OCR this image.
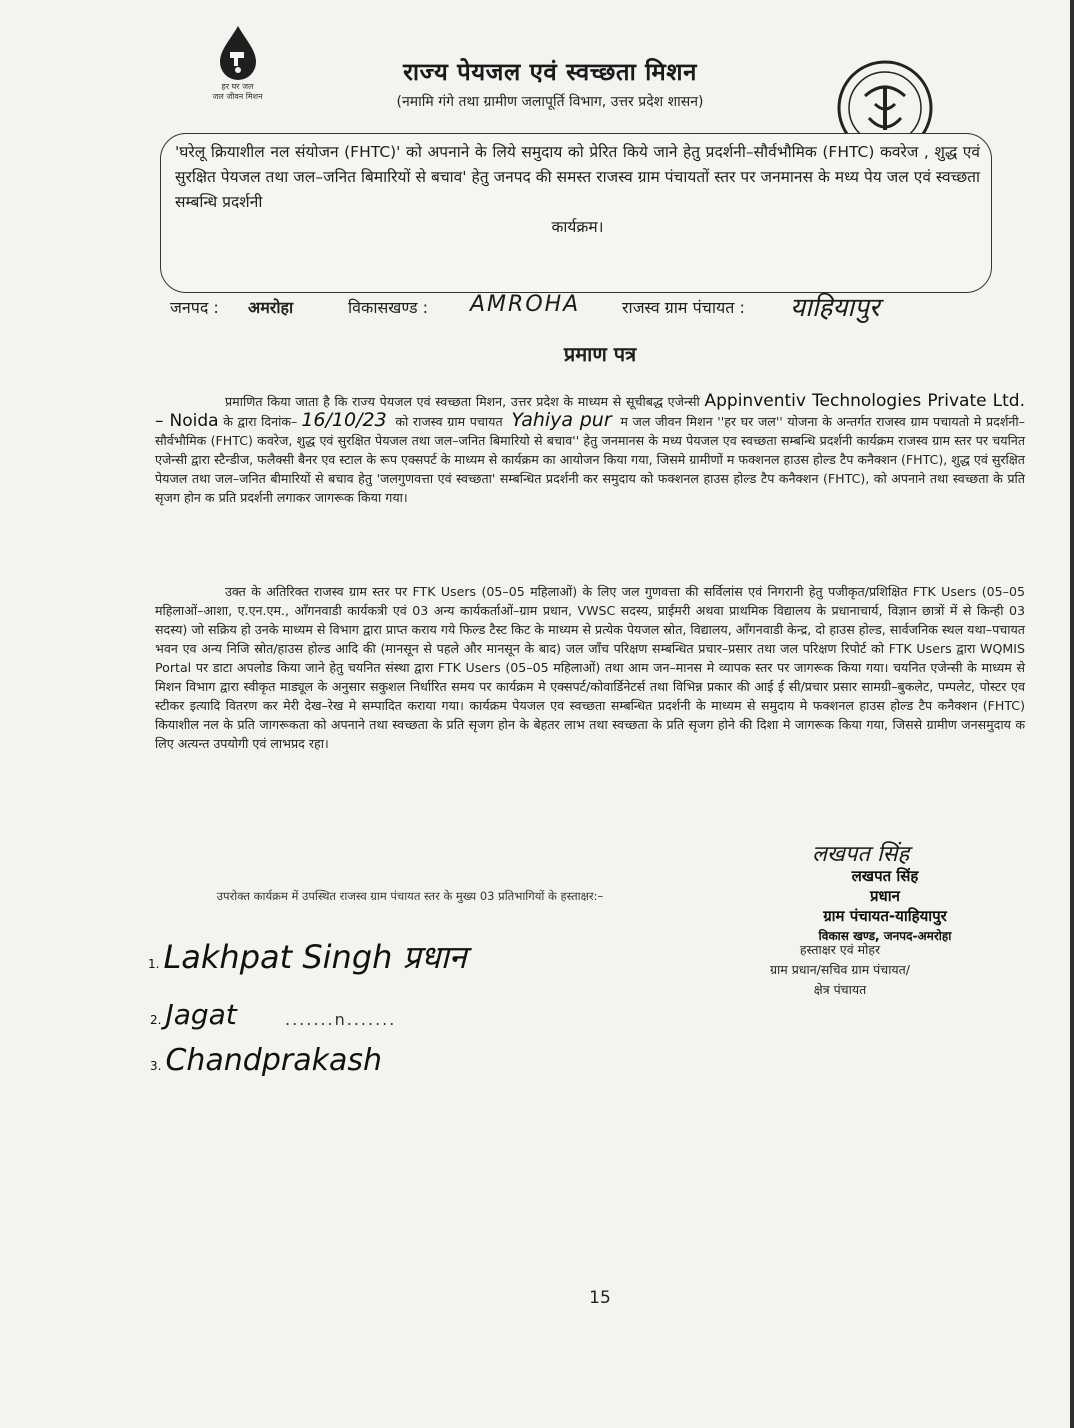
हर घर जल
जल जीवन मिशन
राज्य पेयजल एवं स्वच्छता मिशन
(नमामि गंगे तथा ग्रामीण जलापूर्ति विभाग, उत्तर प्रदेश शासन)
'घरेलू क्रियाशील नल संयोजन (FHTC)' को अपनाने के लिये समुदाय को प्रेरित किये जाने हेतु प्रदर्शनी–सौर्वभौमिक (FHTC) कवरेज , शुद्ध एवं सुरक्षित पेयजल तथा जल–जनित बिमारियों से बचाव' हेतु जनपद की समस्त राजस्व ग्राम पंचायतों स्तर पर जनमानस के मध्य पेय जल एवं स्वच्छता सम्बन्धि प्रदर्शनी
कार्यक्रम।
जनपद : अमरोहा	विकासखण्ड : AMROHA	राजस्व ग्राम पंचायत : याहियापुर
प्रमाण पत्र
प्रमाणित किया जाता है कि राज्य पेयजल एवं स्वच्छता मिशन, उत्तर प्रदेश के माध्यम से सूचीबद्ध एजेन्सी Appinventiv Technologies Private Ltd. – Noida के द्वारा दिनांक– 16/10/23 को राजस्व ग्राम पचायत Yahiya pur म जल जीवन मिशन ''हर घर जल'' योजना के अन्तर्गत राजस्व ग्राम पचायतो मे प्रदर्शनी–सौर्वभौमिक (FHTC) कवरेज, शुद्ध एवं सुरक्षित पेयजल तथा जल–जनित बिमारियो से बचाव'' हेतु जनमानस के मध्य पेयजल एव स्वच्छता सम्बन्धि प्रदर्शनी कार्यक्रम राजस्व ग्राम स्तर पर चयनित एजेन्सी द्वारा स्टैन्डीज, फलैक्सी बैनर एव स्टाल के रूप एक्सपर्ट के माध्यम से कार्यक्रम का आयोजन किया गया, जिसमे ग्रामीणों म फक्शनल हाउस होल्ड टैप कनैक्शन (FHTC), शुद्ध एवं सुरक्षित पेयजल तथा जल–जनित बीमारियों से बचाव हेतु 'जलगुणवत्ता एवं स्वच्छता' सम्बन्धित प्रदर्शनी कर समुदाय को फक्शनल हाउस होल्ड टैप कनैक्शन (FHTC), को अपनाने तथा स्वच्छता के प्रति सृजग होन क प्रति प्रदर्शनी लगाकर जागरूक किया गया।
उक्त के अतिरिक्त राजस्व ग्राम स्तर पर FTK Users (05–05 महिलाओं) के लिए जल गुणवत्ता की सर्विलांस एवं निगरानी हेतु पजीकृत/प्रशिक्षित FTK Users (05–05 महिलाओं–आशा, ए.एन.एम., आँगनवाडी कार्यकत्री एवं 03 अन्य कार्यकर्ताओं–ग्राम प्रधान, VWSC सदस्य, प्राईमरी अथवा प्राथमिक विद्यालय के प्रधानाचार्य, विज्ञान छात्रों में से किन्ही 03 सदस्य) जो सक्रिय हो उनके माध्यम से विभाग द्वारा प्राप्त कराय गये फिल्ड टैस्ट किट के माध्यम से प्रत्येक पेयजल स्रोत, विद्यालय, आँगनवाडी केन्द्र, दो हाउस होल्ड, सार्वजनिक स्थल यथा–पचायत भवन एव अन्य निजि स्रोत/हाउस होल्ड आदि की (मानसून से पहले और मानसून के बाद) जल जाँच परिक्षण सम्बन्धित प्रचार–प्रसार तथा जल परिक्षण रिपोर्ट को FTK Users द्वारा WQMIS Portal पर डाटा अपलोड किया जाने हेतु चयनित संस्था द्वारा FTK Users (05–05 महिलाओं) तथा आम जन–मानस मे व्यापक स्तर पर जागरूक किया गया। चयनित एजेन्सी के माध्यम से मिशन विभाग द्वारा स्वीकृत माड्यूल के अनुसार सकुशल निर्धारित समय पर कार्यक्रम मे एक्सपर्ट/कोवार्डिनेटर्स तथा विभिन्न प्रकार की आई ई सी/प्रचार प्रसार सामग्री–बुकलेट, पम्पलेट, पोस्टर एव स्टीकर इत्यादि वितरण कर मेरी देख–रेख मे सम्पादित कराया गया। कार्यक्रम पेयजल एव स्वच्छता सम्बन्धित प्रदर्शनी के माध्यम से समुदाय मे फक्शनल हाउस होल्ड टैप कनैक्शन (FHTC) कियाशील नल के प्रति जागरूकता को अपनाने तथा स्वच्छता के प्रति सृजग होन के बेहतर लाभ तथा स्वच्छता के प्रति सृजग होने की दिशा मे जागरूक किया गया, जिससे ग्रामीण जनसमुदाय क लिए अत्यन्त उपयोगी एवं लाभप्रद रहा।
लखपत सिंह
लखपत सिंह
प्रधान
ग्राम पंचायत-याहियापुर
विकास खण्ड, जनपद-अमरोहा
हस्ताक्षर एवं मोहर
ग्राम प्रधान/सचिव ग्राम पंचायत/
क्षेत्र पंचायत
उपरोक्त कार्यक्रम में उपस्थित राजस्व ग्राम पंचायत स्तर के मुख्य 03 प्रतिभागियों के हस्ताक्षर:–
1. Lakhpat Singh प्रधान
2. Jagat	.......n.......
3. Chandprakash
15
